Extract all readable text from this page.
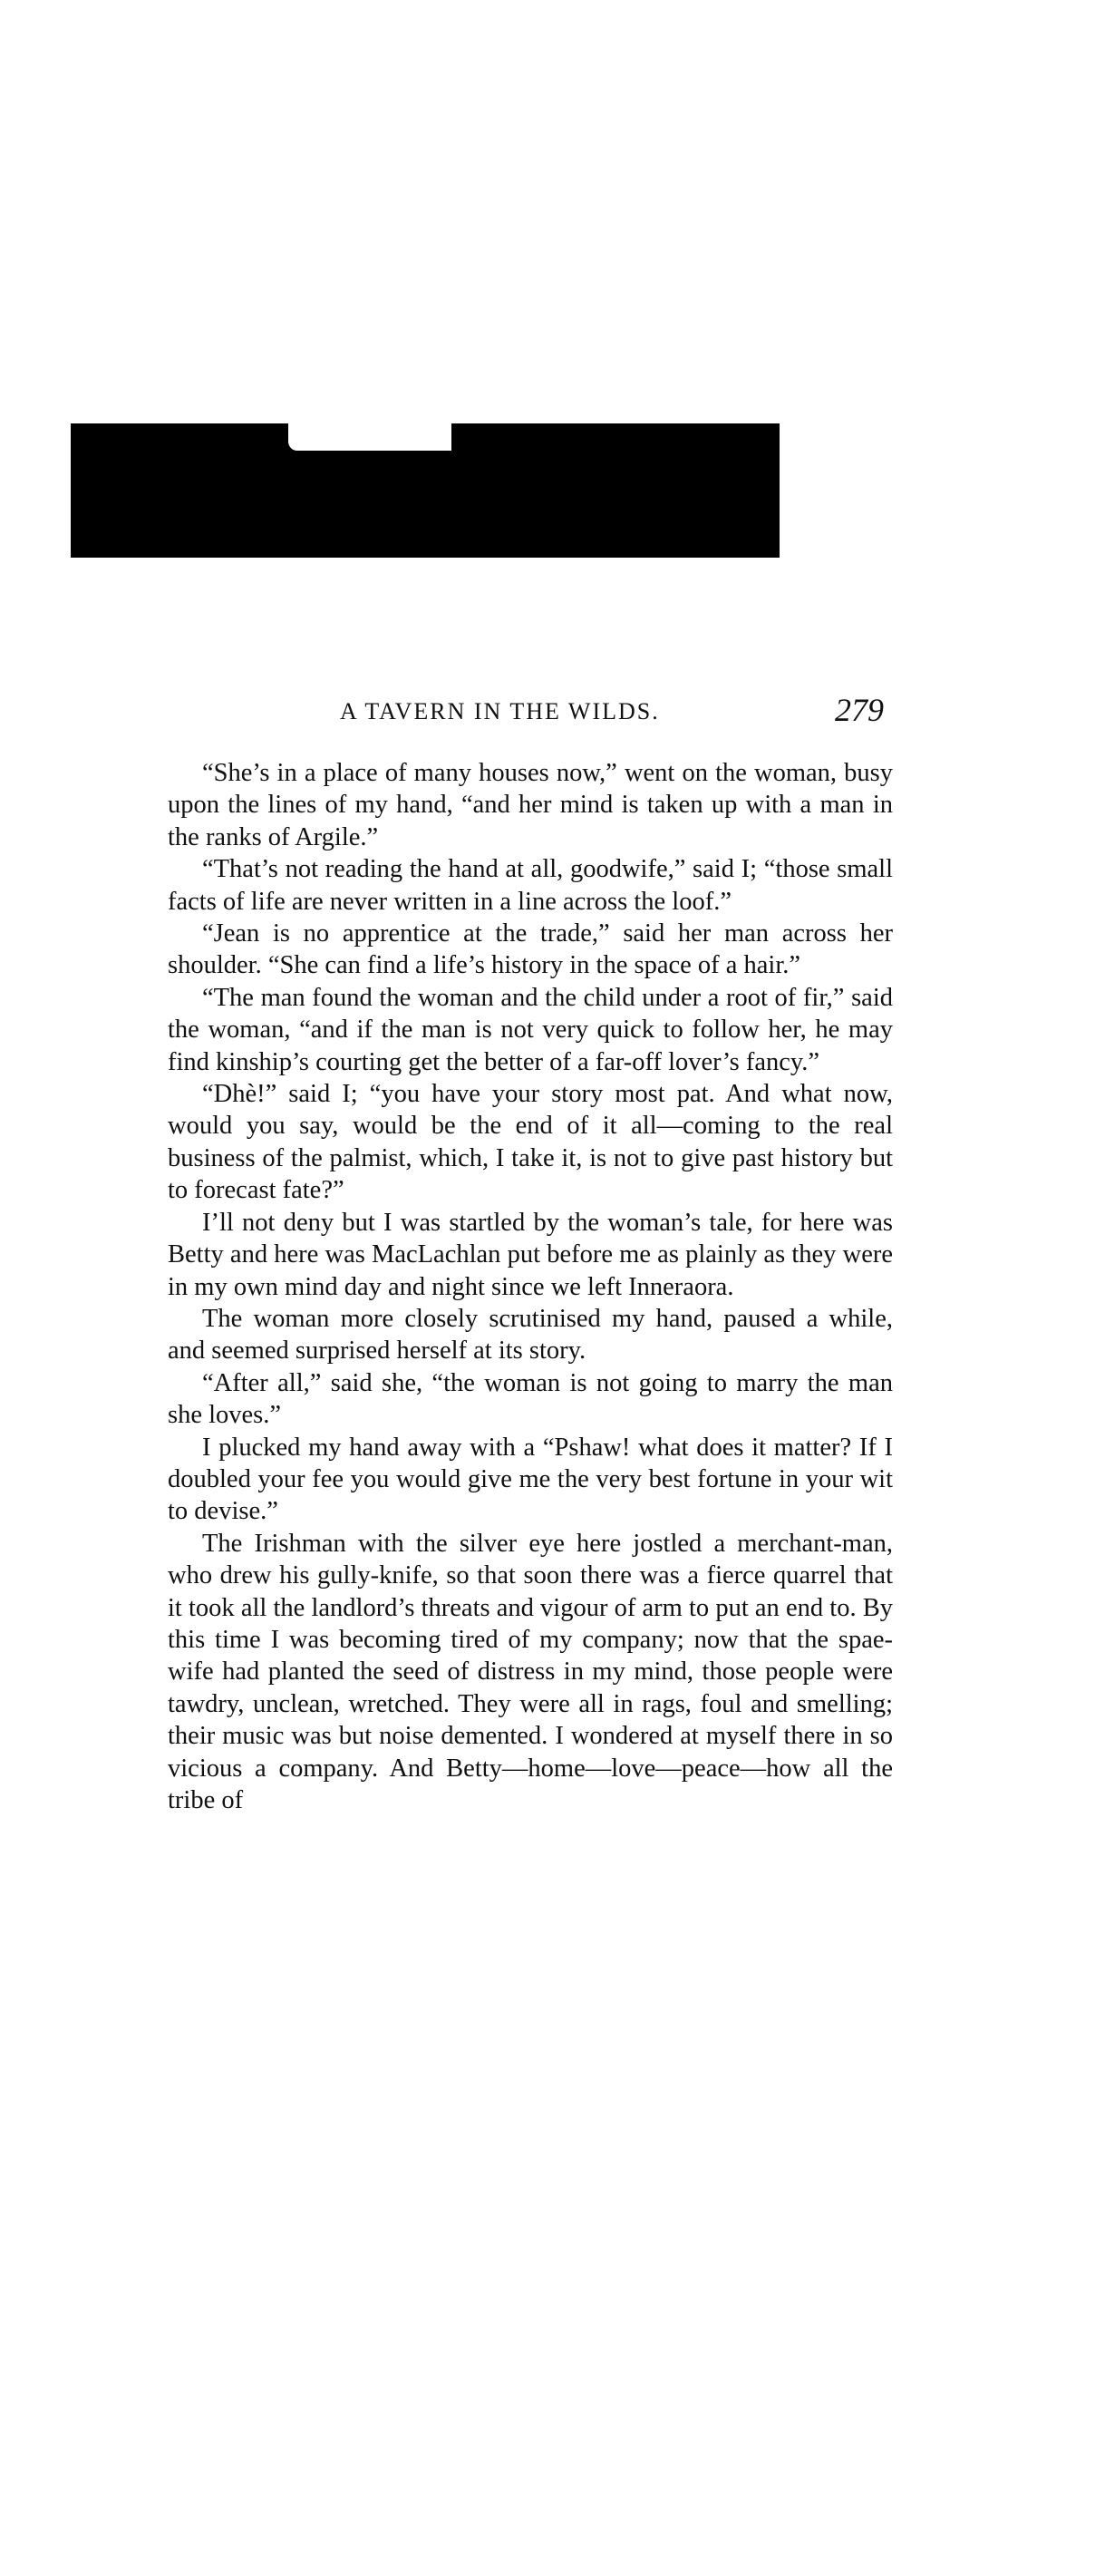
A TAVERN IN THE WILDS.	279

“She’s in a place of many houses now,” went on the woman, busy upon the lines of my hand, “and her mind is taken up with a man in the ranks of Argile.”

“That’s not reading the hand at all, goodwife,” said I; “those small facts of life are never written in a line across the loof.”

“Jean is no apprentice at the trade,” said her man across her shoulder. “She can find a life’s history in the space of a hair.”

“The man found the woman and the child under a root of fir,” said the woman, “and if the man is not very quick to follow her, he may find kinship’s courting get the better of a far-off lover’s fancy.”

“Dhè!” said I; “you have your story most pat. And what now, would you say, would be the end of it all—coming to the real business of the palmist, which, I take it, is not to give past history but to forecast fate?”

I’ll not deny but I was startled by the woman’s tale, for here was Betty and here was MacLachlan put before me as plainly as they were in my own mind day and night since we left Inneraora.

The woman more closely scrutinised my hand, paused a while, and seemed surprised herself at its story.

“After all,” said she, “the woman is not going to marry the man she loves.”

I plucked my hand away with a “Pshaw! what does it matter? If I doubled your fee you would give me the very best fortune in your wit to devise.”

The Irishman with the silver eye here jostled a merchant-man, who drew his gully-knife, so that soon there was a fierce quarrel that it took all the landlord’s threats and vigour of arm to put an end to. By this time I was becoming tired of my company; now that the spae-wife had planted the seed of distress in my mind, those people were tawdry, unclean, wretched. They were all in rags, foul and smelling; their music was but noise demented. I wondered at myself there in so vicious a company. And Betty—home—love—peace—how all the tribe of
